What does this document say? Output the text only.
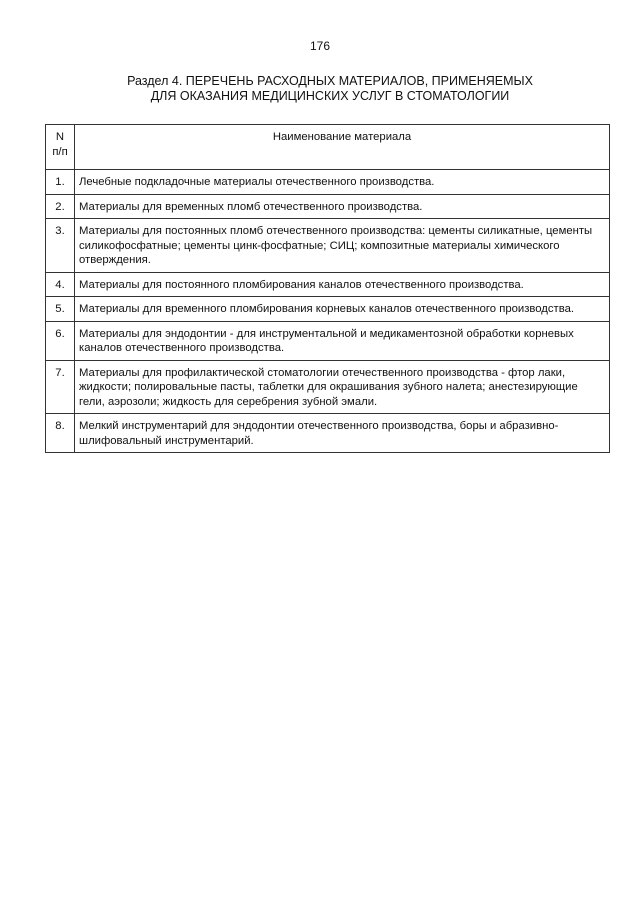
176
Раздел 4. ПЕРЕЧЕНЬ РАСХОДНЫХ МАТЕРИАЛОВ, ПРИМЕНЯЕМЫХ
ДЛЯ ОКАЗАНИЯ МЕДИЦИНСКИХ УСЛУГ В СТОМАТОЛОГИИ
N
п/п	Наименование материала
1.	Лечебные подкладочные материалы отечественного производства.
2.	Материалы для временных пломб отечественного производства.
3.	Материалы для постоянных пломб отечественного производства: цементы силикатные, цементы силикофосфатные; цементы цинк-фосфатные; СИЦ; композитные материалы химического отверждения.
4.	Материалы для постоянного пломбирования каналов отечественного производства.
5.	Материалы для временного пломбирования корневых каналов отечественного производства.
6.	Материалы для эндодонтии - для инструментальной и медикаментозной обработки корневых каналов отечественного производства.
7.	Материалы для профилактической стоматологии отечественного производства - фтор лаки, жидкости; полировальные пасты, таблетки для окрашивания зубного налета; анестезирующие гели, аэрозоли; жидкость для серебрения зубной эмали.
8.	Мелкий инструментарий для эндодонтии отечественного производства, боры и абразивно-шлифовальный инструментарий.
